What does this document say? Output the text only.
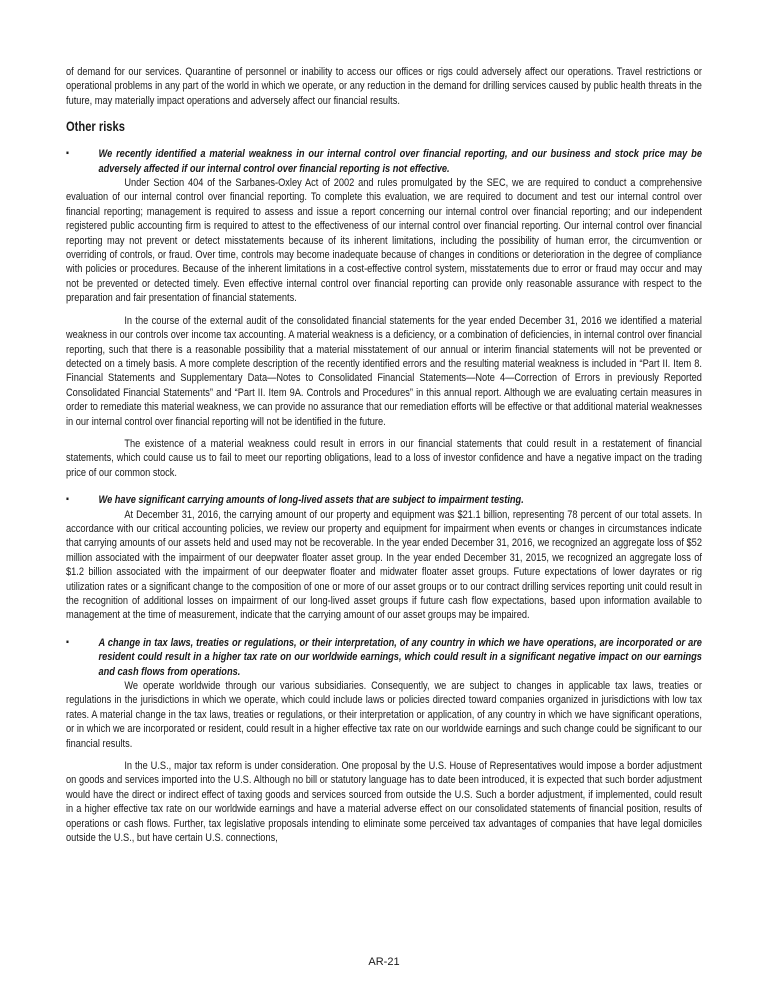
of demand for our services. Quarantine of personnel or inability to access our offices or rigs could adversely affect our operations. Travel restrictions or operational problems in any part of the world in which we operate, or any reduction in the demand for drilling services caused by public health threats in the future, may materially impact operations and adversely affect our financial results.

Other risks
▪	We recently identified a material weakness in our internal control over financial reporting, and our business and stock price may be adversely affected if our internal control over financial reporting is not effective.

Under Section 404 of the Sarbanes-Oxley Act of 2002 and rules promulgated by the SEC, we are required to conduct a comprehensive evaluation of our internal control over financial reporting. To complete this evaluation, we are required to document and test our internal control over financial reporting; management is required to assess and issue a report concerning our internal control over financial reporting; and our independent registered public accounting firm is required to attest to the effectiveness of our internal control over financial reporting. Our internal control over financial reporting may not prevent or detect misstatements because of its inherent limitations, including the possibility of human error, the circumvention or overriding of controls, or fraud. Over time, controls may become inadequate because of changes in conditions or deterioration in the degree of compliance with policies or procedures. Because of the inherent limitations in a cost-effective control system, misstatements due to error or fraud may occur and may not be prevented or detected timely. Even effective internal control over financial reporting can provide only reasonable assurance with respect to the preparation and fair presentation of financial statements.

In the course of the external audit of the consolidated financial statements for the year ended December 31, 2016 we identified a material weakness in our controls over income tax accounting. A material weakness is a deficiency, or a combination of deficiencies, in internal control over financial reporting, such that there is a reasonable possibility that a material misstatement of our annual or interim financial statements will not be prevented or detected on a timely basis. A more complete description of the recently identified errors and the resulting material weakness is included in “Part II. Item 8. Financial Statements and Supplementary Data—Notes to Consolidated Financial Statements—Note 4—Correction of Errors in previously Reported Consolidated Financial Statements” and “Part II. Item 9A. Controls and Procedures” in this annual report. Although we are evaluating certain measures in order to remediate this material weakness, we can provide no assurance that our remediation efforts will be effective or that additional material weaknesses in our internal control over financial reporting will not be identified in the future.

The existence of a material weakness could result in errors in our financial statements that could result in a restatement of financial statements, which could cause us to fail to meet our reporting obligations, lead to a loss of investor confidence and have a negative impact on the trading price of our common stock.

▪	We have significant carrying amounts of long-lived assets that are subject to impairment testing.

At December 31, 2016, the carrying amount of our property and equipment was $21.1 billion, representing 78 percent of our total assets. In accordance with our critical accounting policies, we review our property and equipment for impairment when events or changes in circumstances indicate that carrying amounts of our assets held and used may not be recoverable. In the year ended December 31, 2016, we recognized an aggregate loss of $52 million associated with the impairment of our deepwater floater asset group. In the year ended December 31, 2015, we recognized an aggregate loss of $1.2 billion associated with the impairment of our deepwater floater and midwater floater asset groups. Future expectations of lower dayrates or rig utilization rates or a significant change to the composition of one or more of our asset groups or to our contract drilling services reporting unit could result in the recognition of additional losses on impairment of our long-lived asset groups if future cash flow expectations, based upon information available to management at the time of measurement, indicate that the carrying amount of our asset groups may be impaired.

▪	A change in tax laws, treaties or regulations, or their interpretation, of any country in which we have operations, are incorporated or are resident could result in a higher tax rate on our worldwide earnings, which could result in a significant negative impact on our earnings and cash flows from operations.

We operate worldwide through our various subsidiaries. Consequently, we are subject to changes in applicable tax laws, treaties or regulations in the jurisdictions in which we operate, which could include laws or policies directed toward companies organized in jurisdictions with low tax rates. A material change in the tax laws, treaties or regulations, or their interpretation or application, of any country in which we have significant operations, or in which we are incorporated or resident, could result in a higher effective tax rate on our worldwide earnings and such change could be significant to our financial results.

In the U.S., major tax reform is under consideration. One proposal by the U.S. House of Representatives would impose a border adjustment on goods and services imported into the U.S. Although no bill or statutory language has to date been introduced, it is expected that such border adjustment would have the direct or indirect effect of taxing goods and services sourced from outside the U.S. Such a border adjustment, if implemented, could result in a higher effective tax rate on our worldwide earnings and have a material adverse effect on our consolidated statements of financial position, results of operations or cash flows. Further, tax legislative proposals intending to eliminate some perceived tax advantages of companies that have legal domiciles outside the U.S., but have certain U.S. connections,

AR-21
